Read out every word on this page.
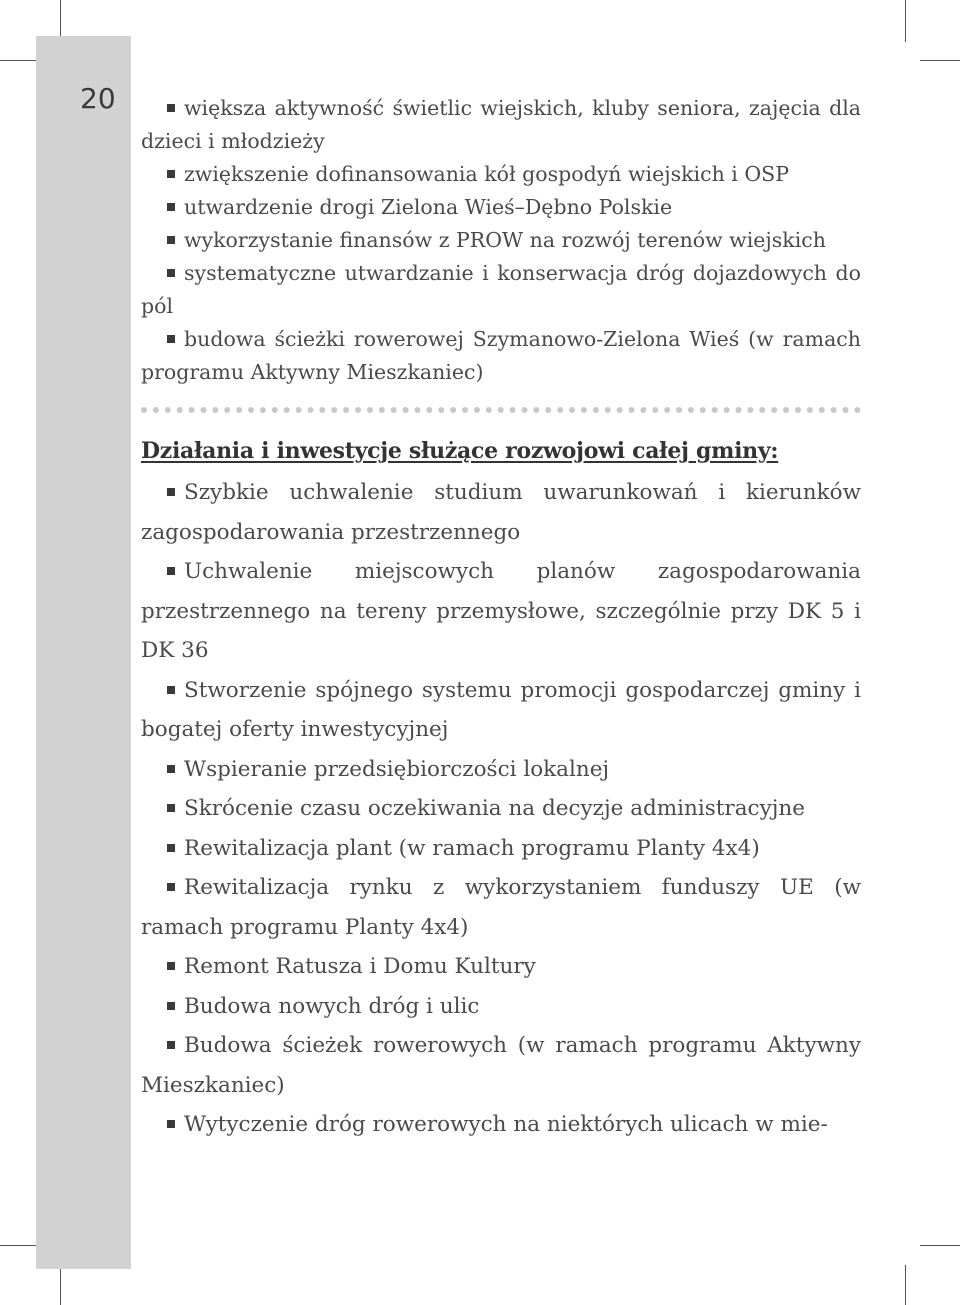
20	większa aktywność świetlic wiejskich, kluby seniora, zajęcia dla dzieci i młodzieży

zwiększenie dofinansowania kół gospodyń wiejskich i OSP

utwardzenie drogi Zielona Wieś–Dębno Polskie

wykorzystanie finansów z PROW na rozwój terenów wiejskich

systematyczne utwardzanie i konserwacja dróg dojazdowych do pól

budowa ścieżki rowerowej Szymanowo-Zielona Wieś (w ramach programu Aktywny Mieszkaniec)

Działania i inwestycje służące rozwojowi całej gminy:

Szybkie uchwalenie studium uwarunkowań i kierunków zagospodarowania przestrzennego

Uchwalenie miejscowych planów zagospodarowania przestrzennego na tereny przemysłowe, szczególnie przy DK 5 i DK 36

Stworzenie spójnego systemu promocji gospodarczej gminy i bogatej oferty inwestycyjnej

Wspieranie przedsiębiorczości lokalnej

Skrócenie czasu oczekiwania na decyzje administracyjne

Rewitalizacja plant (w ramach programu Planty 4x4)

Rewitalizacja rynku z wykorzystaniem funduszy UE (w ramach programu Planty 4x4)

Remont Ratusza i Domu Kultury

Budowa nowych dróg i ulic

Budowa ścieżek rowerowych (w ramach programu Aktywny Mieszkaniec)

Wytyczenie dróg rowerowych na niektórych ulicach w mie-
